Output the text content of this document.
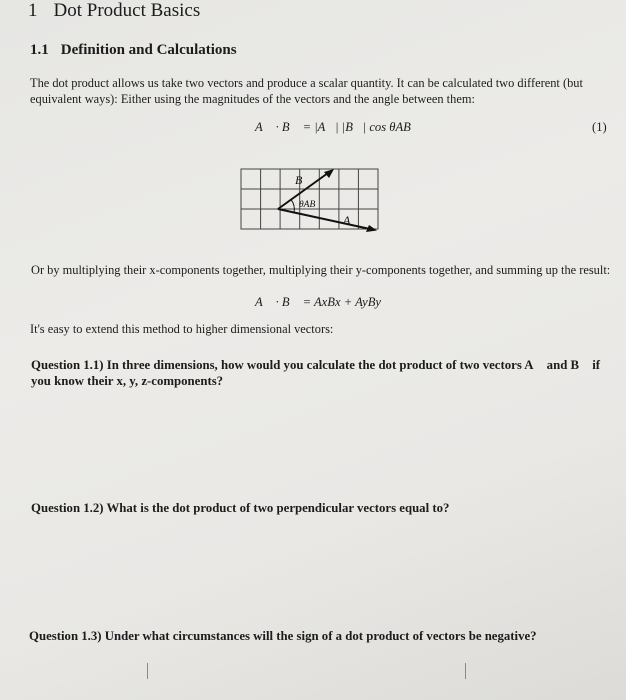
1 Dot Product Basics
1.1 Definition and Calculations
The dot product allows us take two vectors and produce a scalar quantity. It can be calculated two different (but equivalent ways): Either using the magnitudes of the vectors and the angle between them:
A⃗ · B⃗ = |A⃗| |B⃗| cos θAB	(1)
B⃗
θAB
A⃗
Or by multiplying their x-components together, multiplying their y-components together, and summing up the result:
A⃗ · B⃗ = AxBx + AyBy
It's easy to extend this method to higher dimensional vectors:
Question 1.1) In three dimensions, how would you calculate the dot product of two vectors A⃗ and B⃗ if you know their x, y, z-components?
Question 1.2) What is the dot product of two perpendicular vectors equal to?
Question 1.3) Under what circumstances will the sign of a dot product of vectors be negative?
